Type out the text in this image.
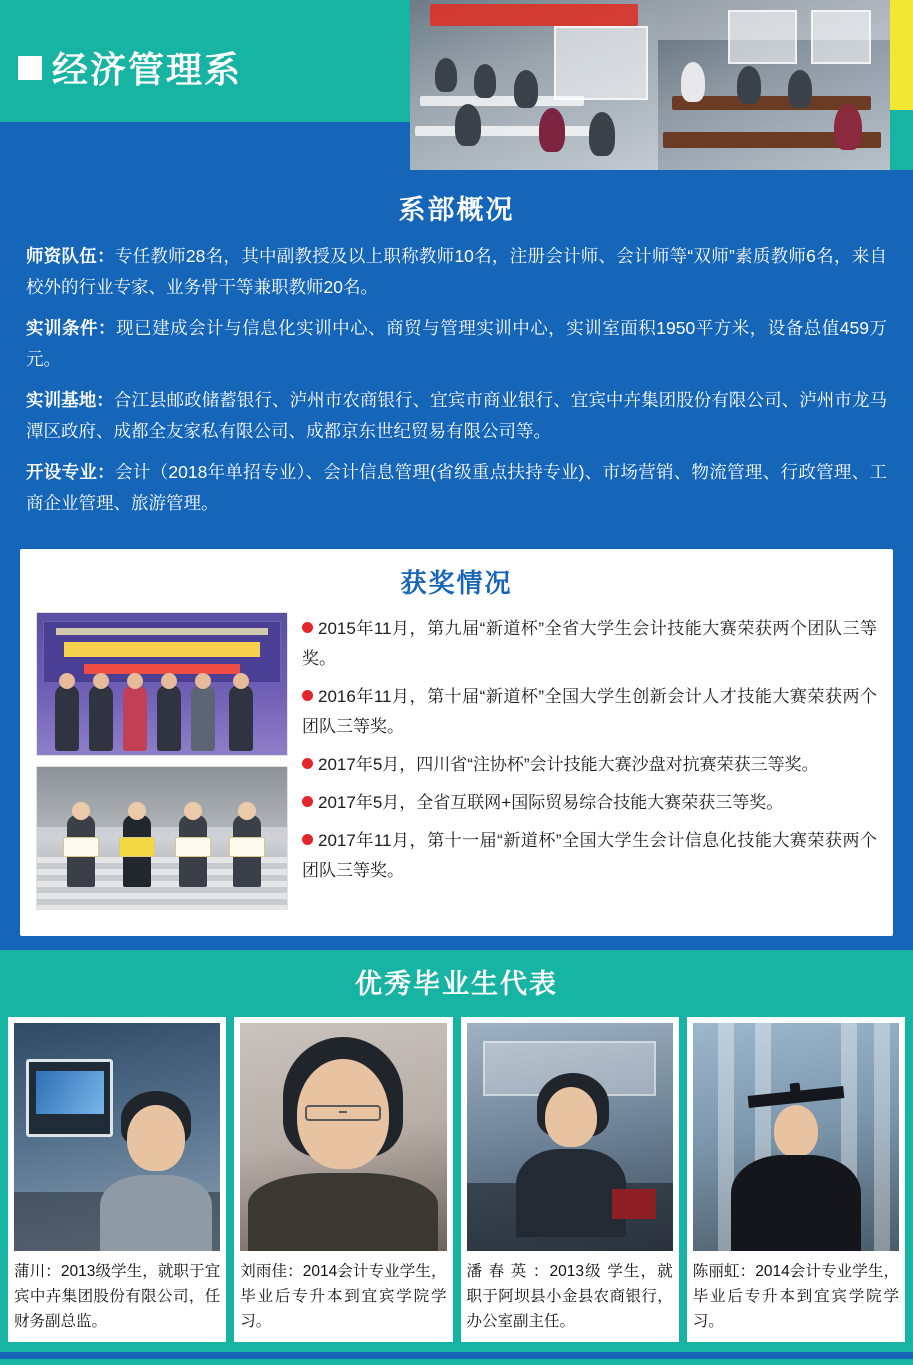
经济管理系
系部概况

师资队伍：专任教师28名，其中副教授及以上职称教师10名，注册会计师、会计师等“双师”素质教师6名，来自校外的行业专家、业务骨干等兼职教师20名。

实训条件：现已建成会计与信息化实训中心、商贸与管理实训中心，实训室面积1950平方米，设备总值459万元。

实训基地：合江县邮政储蓄银行、泸州市农商银行、宜宾市商业银行、宜宾中卉集团股份有限公司、泸州市龙马潭区政府、成都全友家私有限公司、成都京东世纪贸易有限公司等。

开设专业：会计（2018年单招专业）、会计信息管理(省级重点扶持专业)、市场营销、物流管理、行政管理、工商企业管理、旅游管理。

获奖情况

2015年11月，第九届“新道杯”全省大学生会计技能大赛荣获两个团队三等奖。

2016年11月，第十届“新道杯”全国大学生创新会计人才技能大赛荣获两个团队三等奖。

2017年5月，四川省“注协杯”会计技能大赛沙盘对抗赛荣获三等奖。

2017年5月，全省互联网+国际贸易综合技能大赛荣获三等奖。

2017年11月，第十一届“新道杯”全国大学生会计信息化技能大赛荣获两个团队三等奖。

优秀毕业生代表
蒲川：2013级学生，就职于宜宾中卉集团股份有限公司，任财务副总监。
刘雨佳：2014会计专业学生，毕业后专升本到宜宾学院学习。
潘 春 英 ：2013级 学生，就职于阿坝县小金县农商银行，办公室副主任。
陈丽虹：2014会计专业学生，毕业后专升本到宜宾学院学习。
